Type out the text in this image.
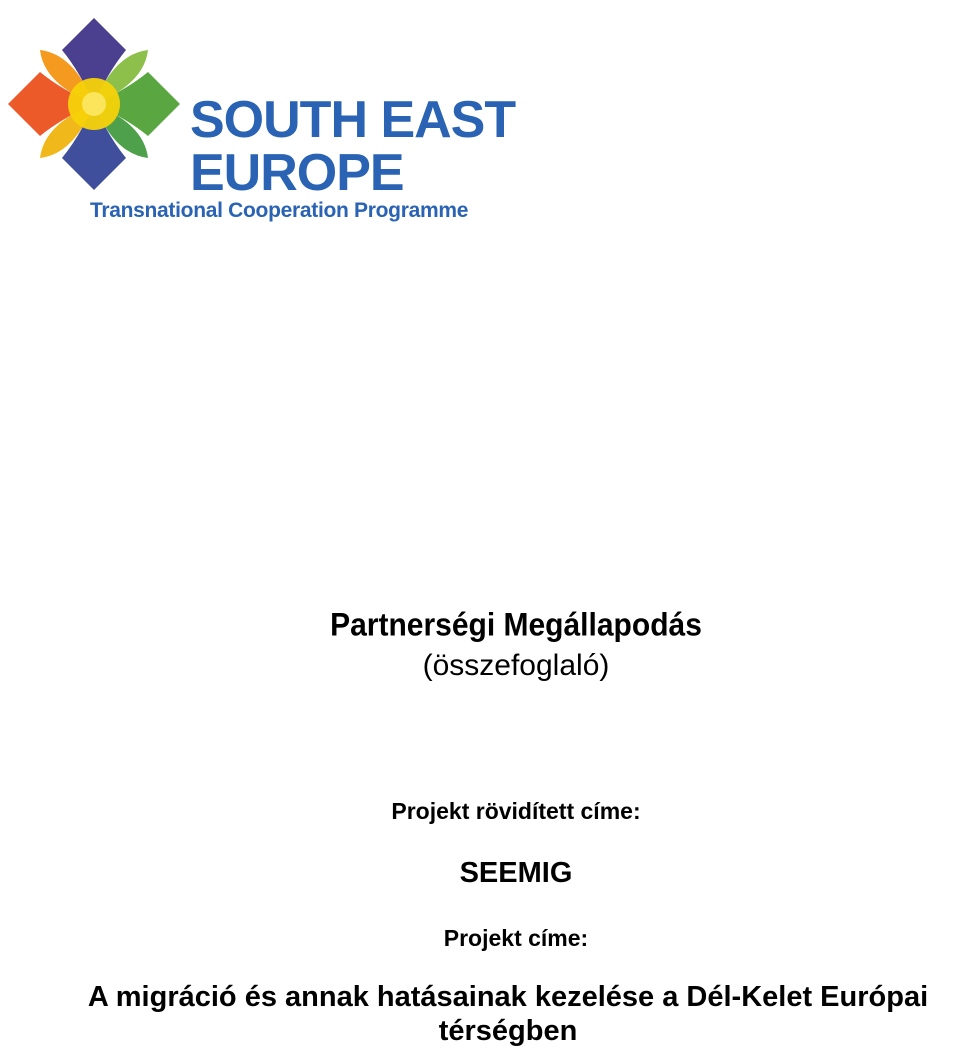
SOUTH EAST
EUROPE
Transnational Cooperation Programme
Partnerségi Megállapodás
(összefoglaló)
Projekt rövidített címe:
SEEMIG
Projekt címe:
A migráció és annak hatásainak kezelése a Dél-Kelet Európai
térségben
